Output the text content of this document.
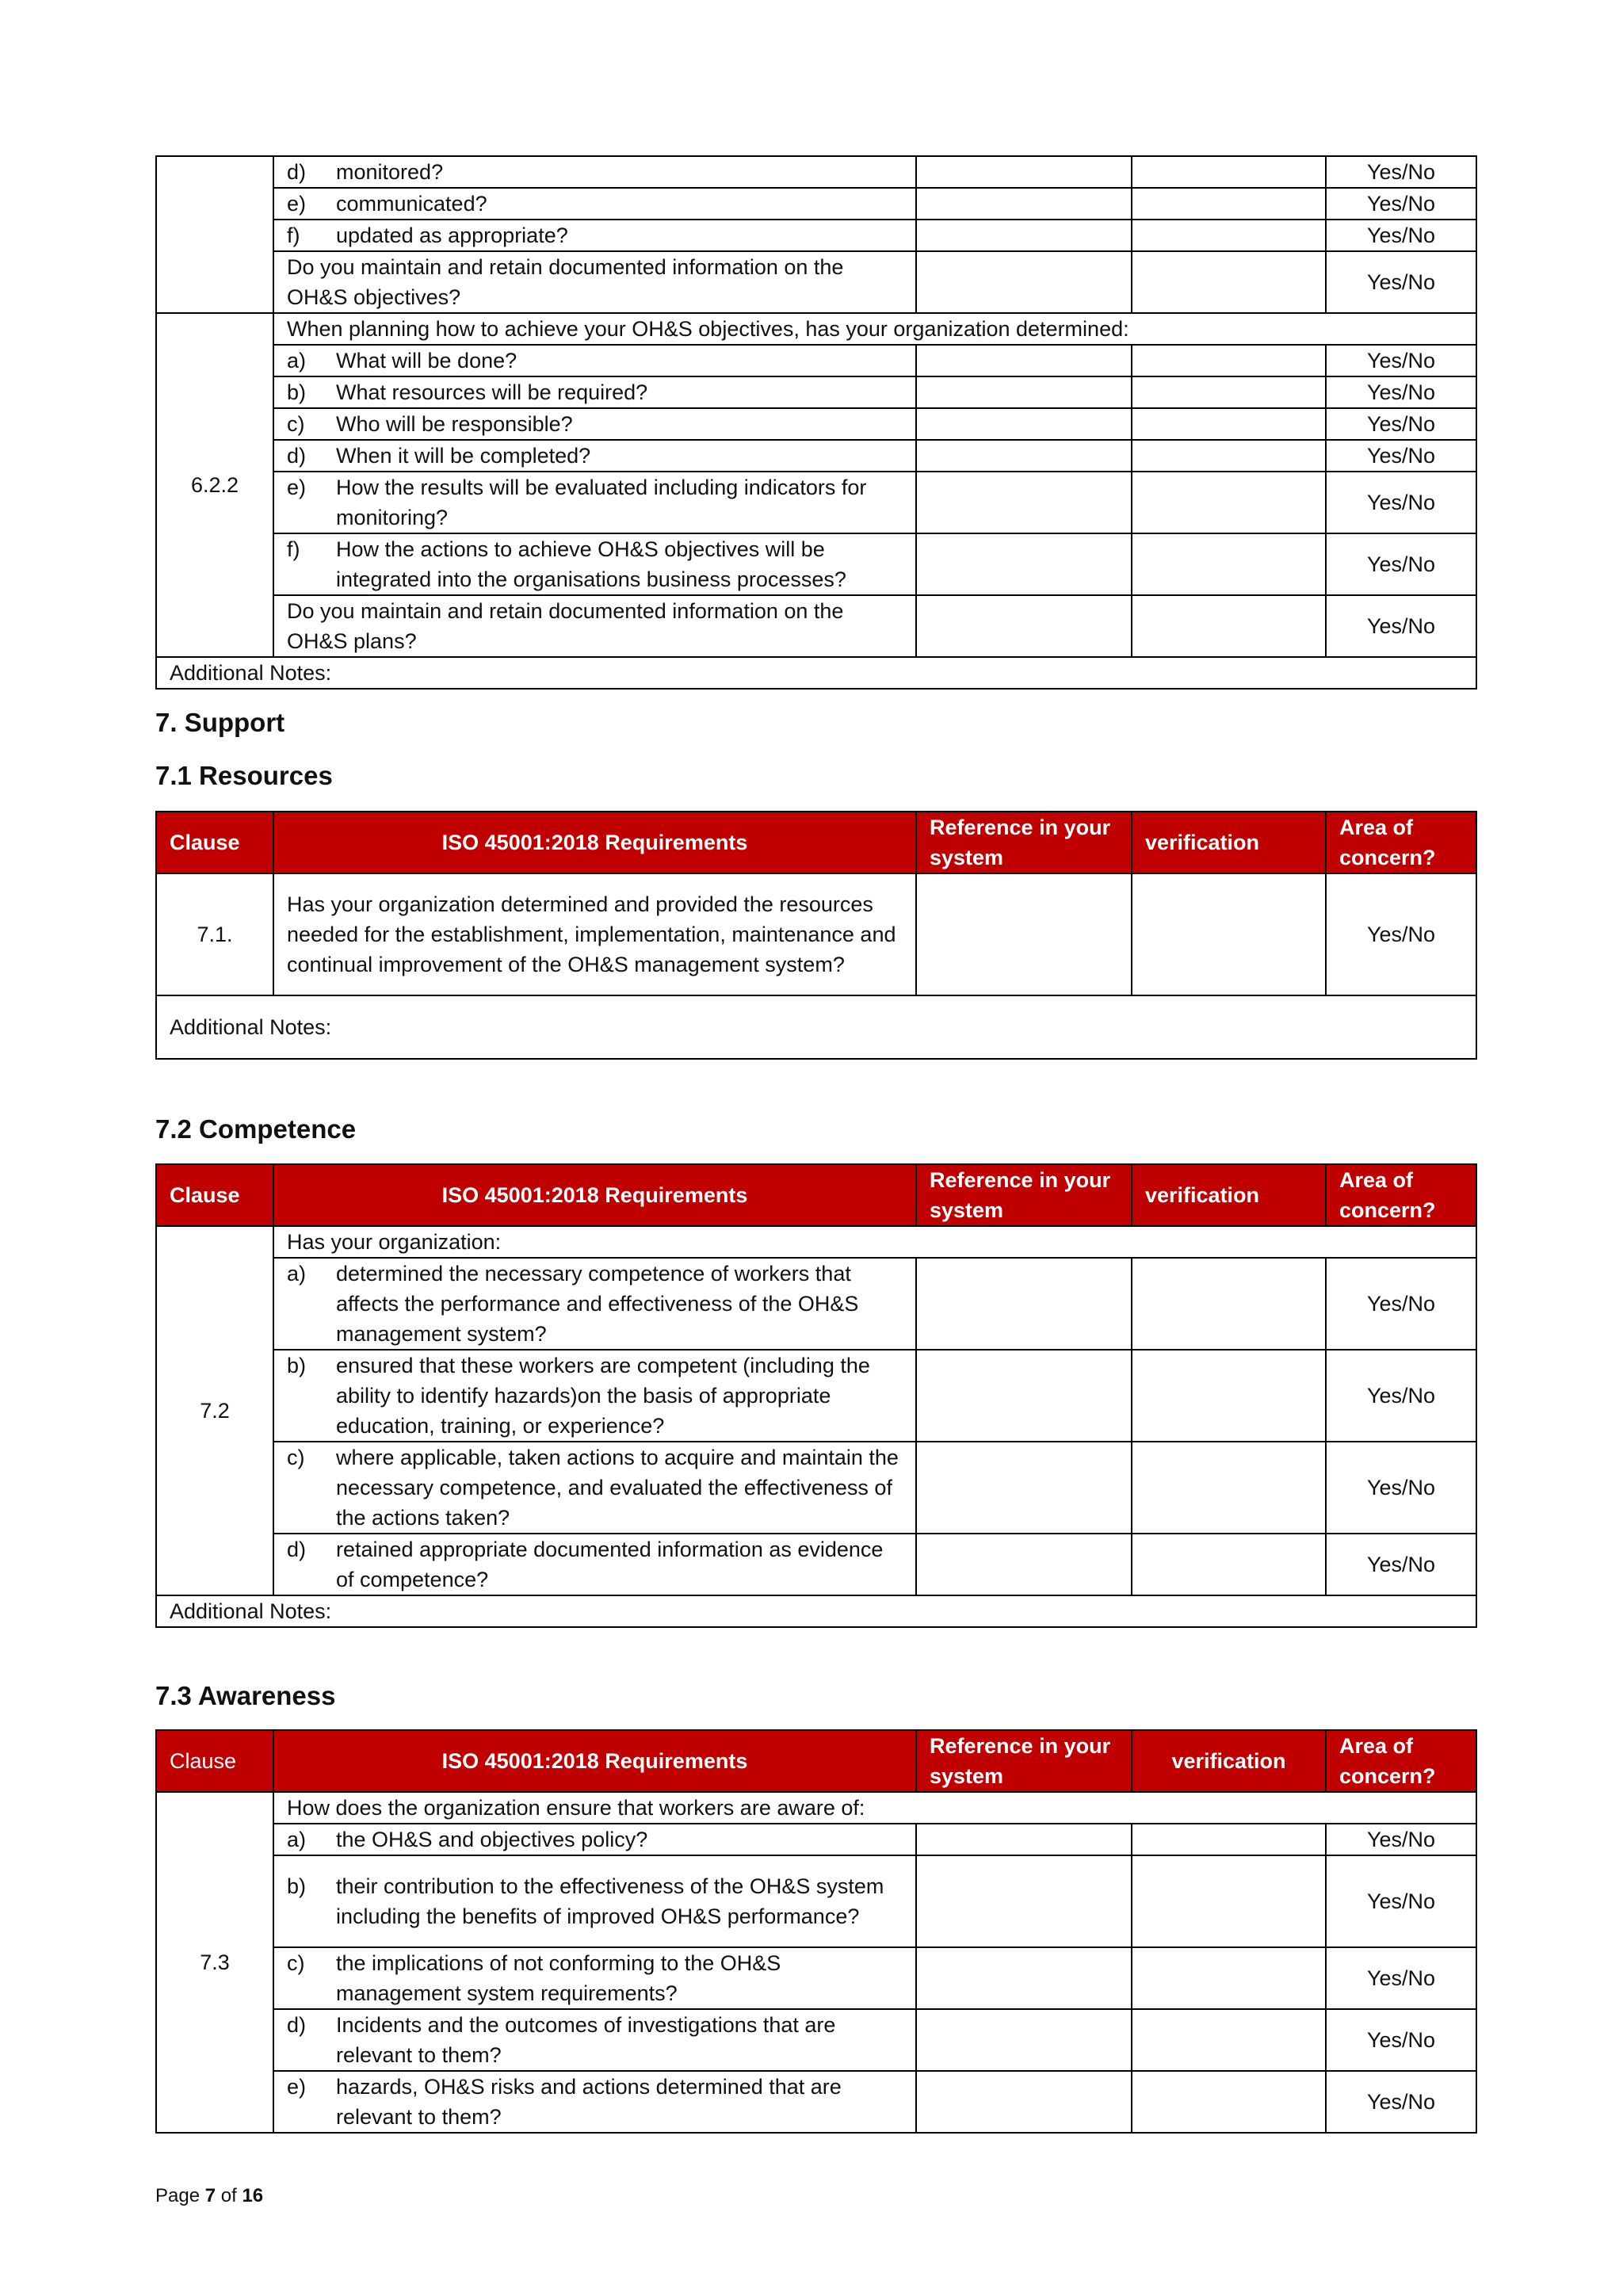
	d) monitored?			Yes/No

	e) communicated?			Yes/No

	f) updated as appropriate?			Yes/No
	Do you maintain and retain documented information on the OH&S objectives?			Yes/No
6.2.2	When planning how to achieve your OH&S objectives, has your organization determined:			

	a) What will be done?			Yes/No

	b) What resources will be required?			Yes/No

	c) Who will be responsible?			Yes/No

	d) When it will be completed?			Yes/No

	e) How the results will be evaluated including indicators for monitoring?			Yes/No

	f) How the actions to achieve OH&S objectives will be integrated into the organisations business processes?			Yes/No
	Do you maintain and retain documented information on the OH&S plans?			Yes/No
Additional Notes:				
7. Support
7.1 Resources
Clause	ISO 45001:2018 Requirements	Reference in your system	verification	Area of concern?
7.1.	Has your organization determined and provided the resources needed for the establishment, implementation, maintenance and continual improvement of the OH&S management system?			Yes/No
Additional Notes:				
7.2 Competence
Clause	ISO 45001:2018 Requirements	Reference in your system	verification	Area of concern?
7.2	Has your organization:			

	a) determined the necessary competence of workers that affects the performance and effectiveness of the OH&S management system?			Yes/No

	b) ensured that these workers are competent (including the ability to identify hazards)on the basis of appropriate education, training, or experience?			Yes/No

	c) where applicable, taken actions to acquire and maintain the necessary competence, and evaluated the effectiveness of the actions taken?			Yes/No

	d) retained appropriate documented information as evidence of competence?			Yes/No
Additional Notes:				
7.3 Awareness
Clause	ISO 45001:2018 Requirements	Reference in your system	verification	Area of concern?
7.3	How does the organization ensure that workers are aware of:			

	a) the OH&S and objectives policy?			Yes/No

	b) their contribution to the effectiveness of the OH&S system including the benefits of improved OH&S performance?			Yes/No

	c) the implications of not conforming to the OH&S management system requirements?			Yes/No

	d) Incidents and the outcomes of investigations that are relevant to them?			Yes/No

	e) hazards, OH&S risks and actions determined that are relevant to them?			Yes/No
Page 7 of 16
